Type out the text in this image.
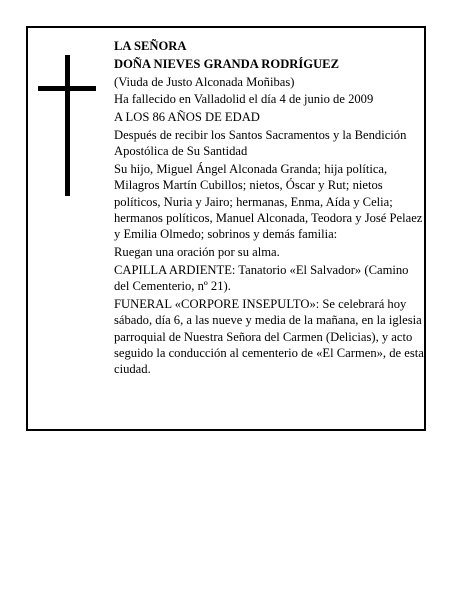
LA SEÑORA

DOÑA NIEVES GRANDA RODRÍGUEZ

(Viuda de Justo Alconada Moñibas)

Ha fallecido en Valladolid el día 4 de junio de 2009

A LOS 86 AÑOS DE EDAD

Después de recibir los Santos Sacramentos y la Bendición Apostólica de Su Santidad

Su hijo, Miguel Ángel Alconada Granda; hija política, Milagros Martín Cubillos; nietos, Óscar y Rut; nietos políticos, Nuria y Jairo; hermanas, Enma, Aída y Celia; hermanos políticos, Manuel Alconada, Teodora y José Pelaez y Emilia Olmedo; sobrinos y demás familia:

Ruegan una oración por su alma.

CAPILLA ARDIENTE: Tanatorio «El Salvador» (Camino del Cementerio, nº 21).

FUNERAL «CORPORE INSEPULTO»: Se celebrará hoy sábado, día 6, a las nueve y media de la mañana, en la iglesia parroquial de Nuestra Señora del Carmen (Delicias), y acto seguido la conducción al cementerio de «El Carmen», de esta ciudad.
